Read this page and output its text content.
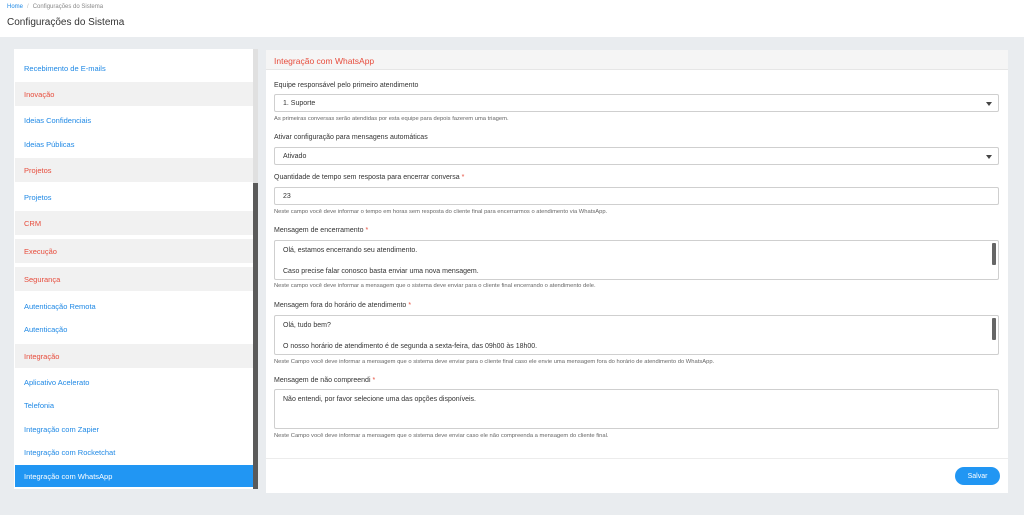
Home / Configurações do Sistema
Configurações do Sistema
Recebimento de E-mails
Inovação
Ideias Confidenciais
Ideias Públicas
Projetos
Projetos
CRM
Execução
Segurança
Autenticação Remota
Autenticação
Integração
Aplicativo Acelerato
Telefonia
Integração com Zapier
Integração com Rocketchat
Integração com WhatsApp
Integração com WhatsApp
Equipe responsável pelo primeiro atendimento
1. Suporte
As primeiras conversas serão atendidas por esta equipe para depois fazerem uma triagem.
Ativar configuração para mensagens automáticas
Ativado
Quantidade de tempo sem resposta para encerrar conversa *
23
Neste campo você deve informar o tempo em horas sem resposta do cliente final para encerrarmos o atendimento via WhatsApp.
Mensagem de encerramento *
Olá, estamos encerrando seu atendimento.
Caso precise falar conosco basta enviar uma nova mensagem.
Neste campo você deve informar a mensagem que o sistema deve enviar para o cliente final encerrando o atendimento dele.
Mensagem fora do horário de atendimento *
Olá, tudo bem?
O nosso horário de atendimento é de segunda a sexta-feira, das 09h00 às 18h00.
Neste Campo você deve informar a mensagem que o sistema deve enviar para o cliente final caso ele envie uma mensagem fora do horário de atendimento do WhatsApp.
Mensagem de não compreendi *
Não entendi, por favor selecione uma das opções disponíveis.
Neste Campo você deve informar a mensagem que o sistema deve enviar caso ele não compreenda a mensagem do cliente final.
Salvar
